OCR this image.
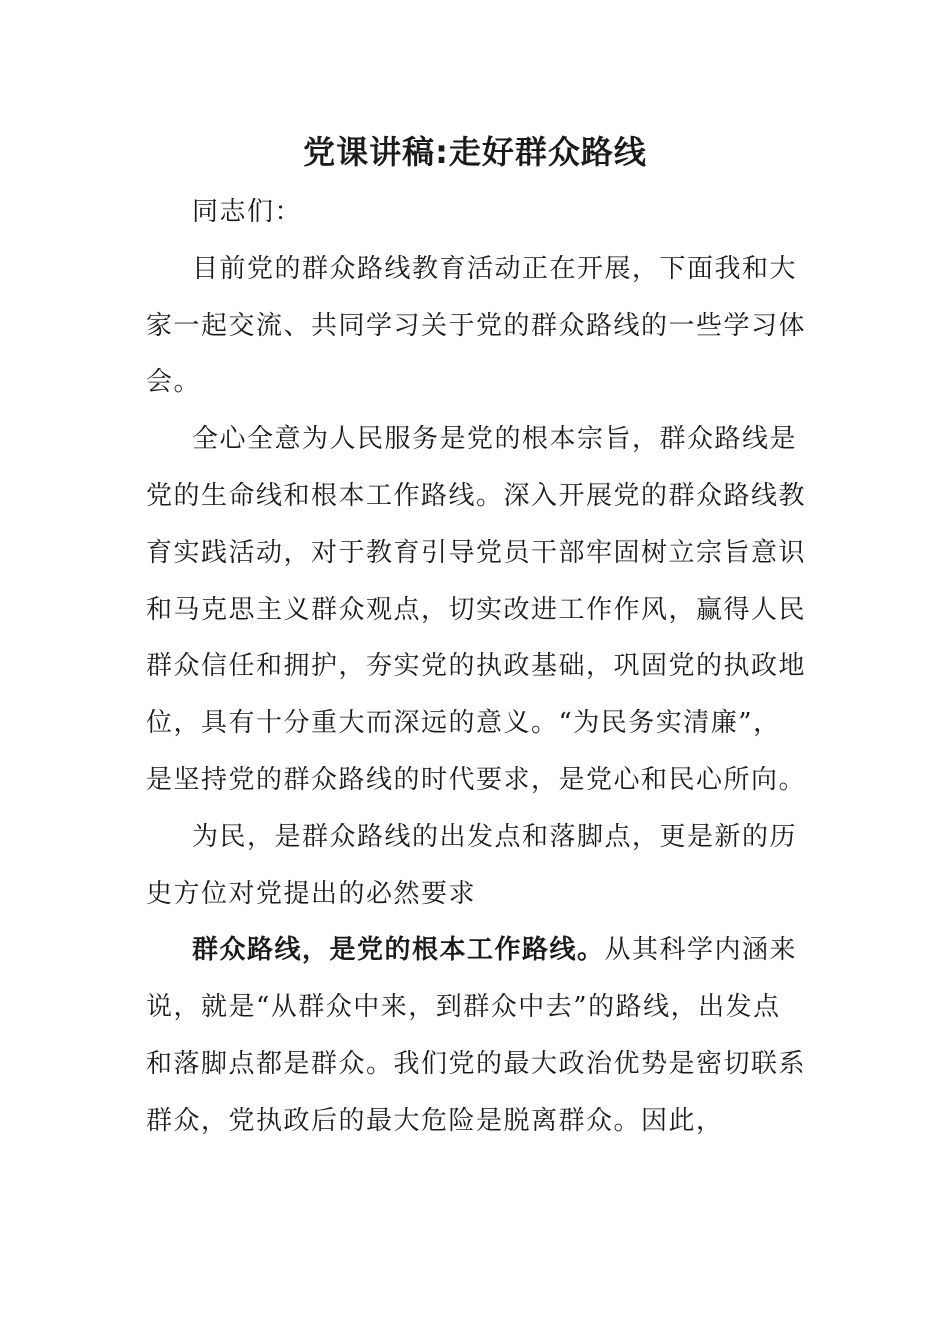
党课讲稿:走好群众路线

同志们：

目前党的群众路线教育活动正在开展，下面我和大家一起交流、共同学习关于党的群众路线的一些学习体会。

全心全意为人民服务是党的根本宗旨，群众路线是党的生命线和根本工作路线。深入开展党的群众路线教育实践活动，对于教育引导党员干部牢固树立宗旨意识和马克思主义群众观点，切实改进工作作风，赢得人民群众信任和拥护，夯实党的执政基础，巩固党的执政地位，具有十分重大而深远的意义。“为民务实清廉”，是坚持党的群众路线的时代要求，是党心和民心所向。

为民，是群众路线的出发点和落脚点，更是新的历史方位对党提出的必然要求

群众路线，是党的根本工作路线。从其科学内涵来说，就是“从群众中来，到群众中去”的路线，出发点和落脚点都是群众。我们党的最大政治优势是密切联系群众，党执政后的最大危险是脱离群众。因此，
